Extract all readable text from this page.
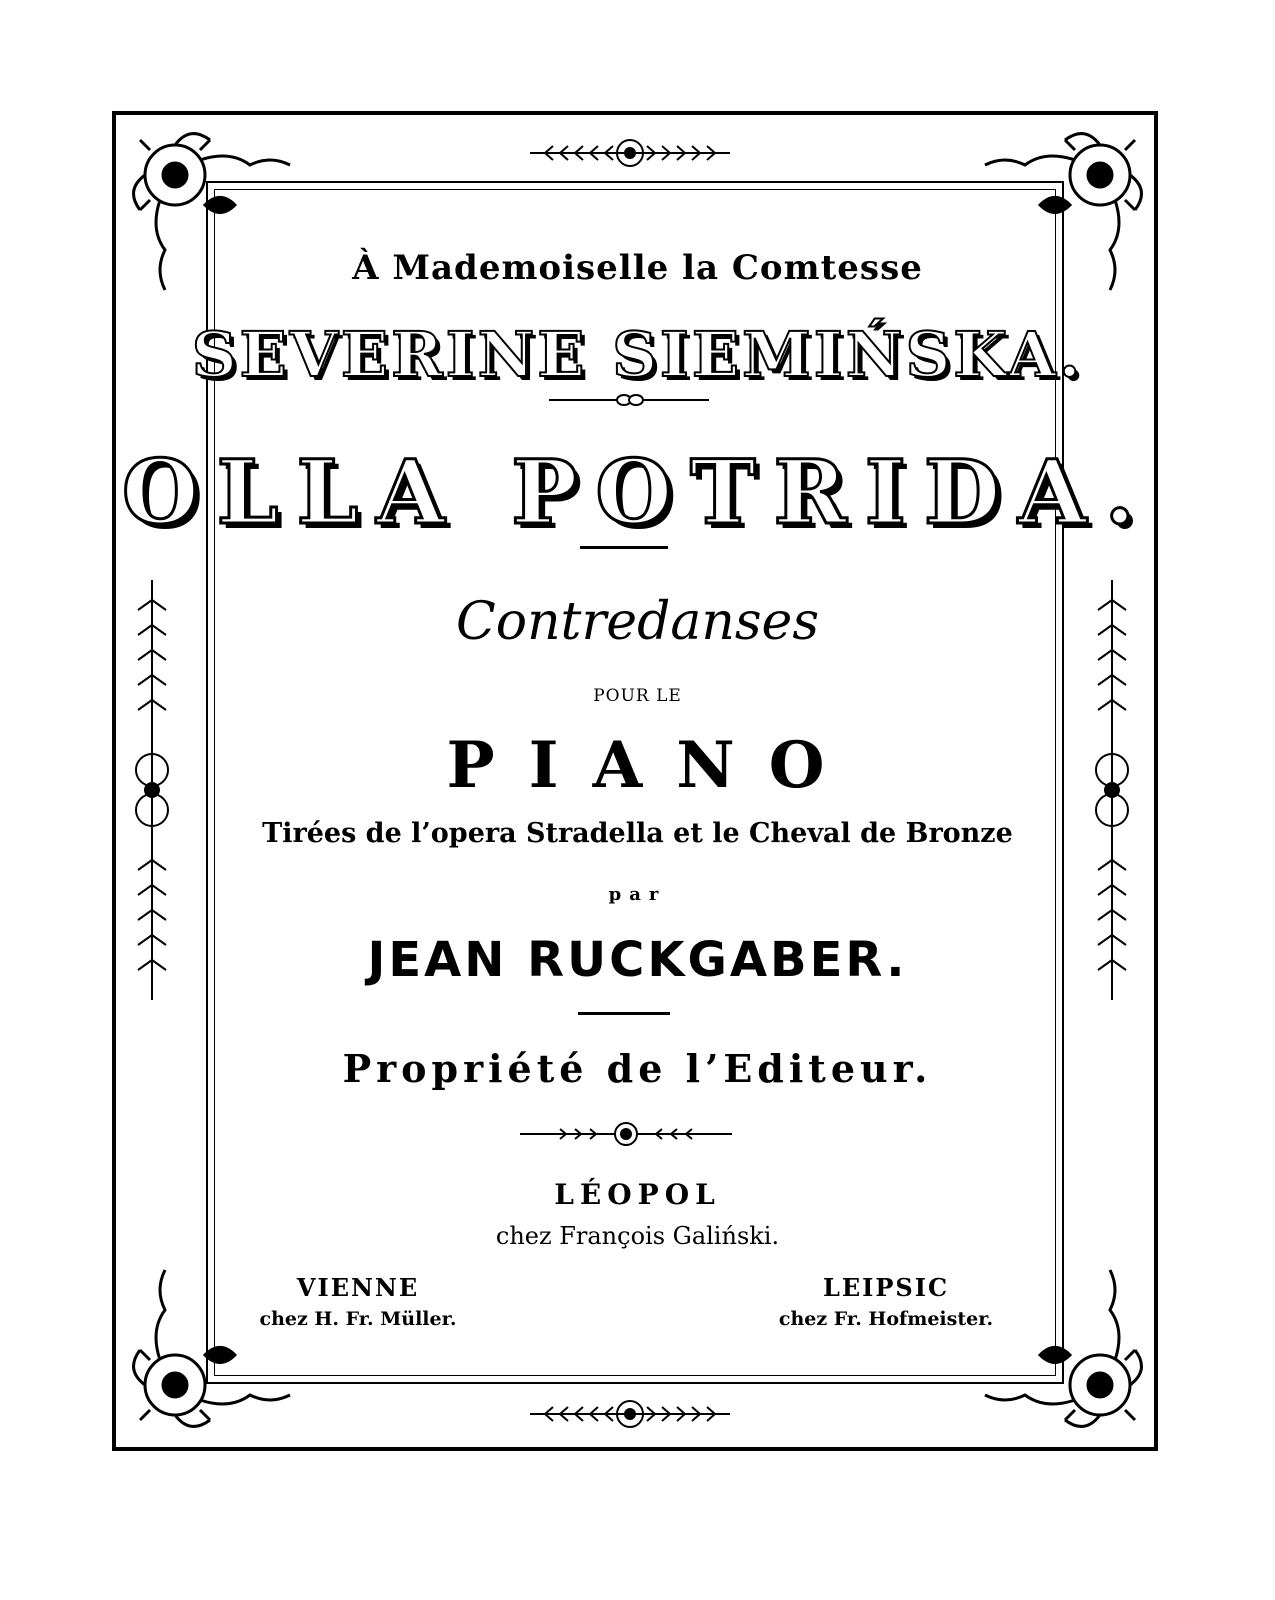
À Mademoiselle la Comtesse
SEVERINE SIEMIŃSKA.
OLLA POTRIDA.
Contredanses
POUR LE
PIANO
Tirées de l’opera Stradella et le Cheval de Bronze
par
JEAN RUCKGABER.
Propriété de l’Editeur.
LÉOPOL
chez François Galiński.
VIENNE
chez H. Fr. Müller.
LEIPSIC
chez Fr. Hofmeister.
